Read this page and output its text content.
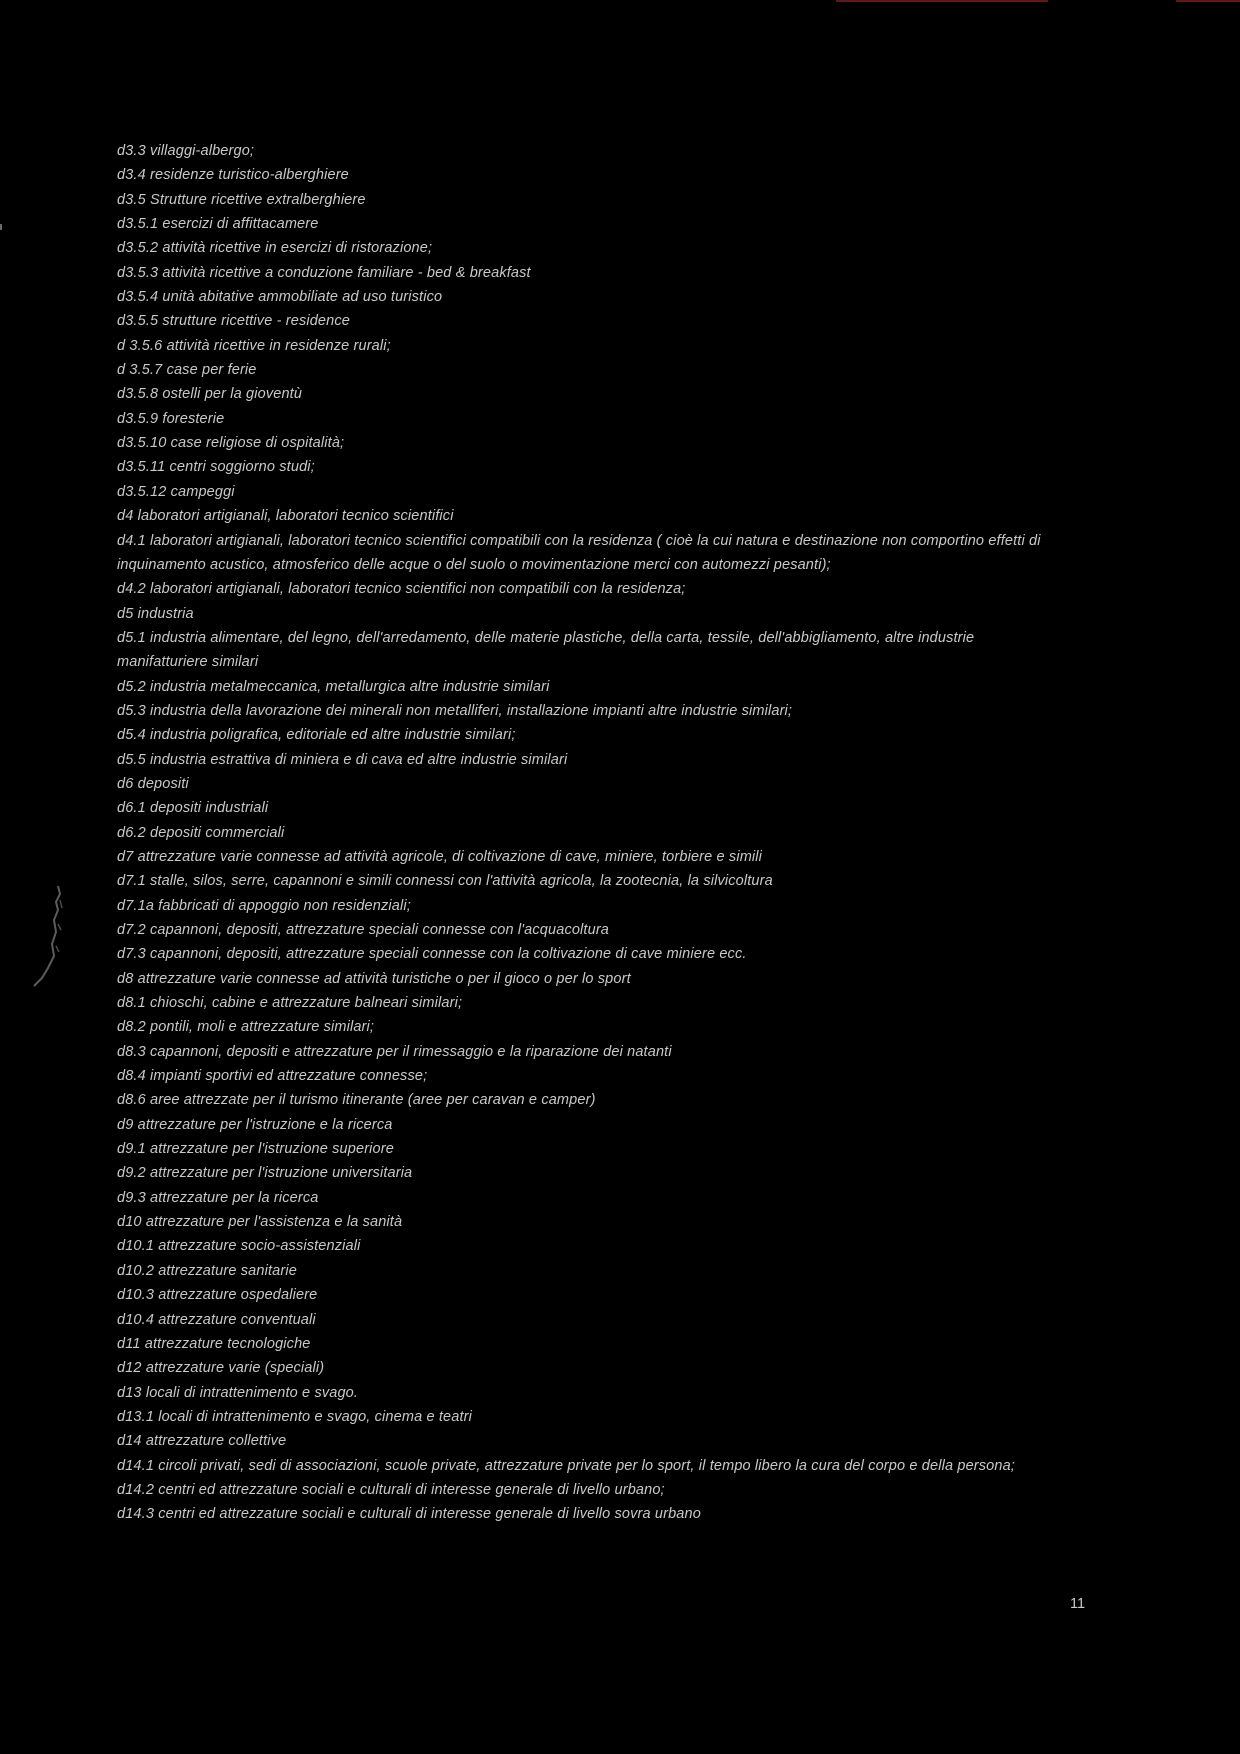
d3.3 villaggi-albergo;
d3.4 residenze turistico-alberghiere
d3.5 Strutture ricettive extralberghiere
d3.5.1 esercizi di affittacamere
d3.5.2 attività ricettive in esercizi di ristorazione;
d3.5.3 attività ricettive a conduzione familiare - bed & breakfast
d3.5.4 unità abitative ammobiliate ad uso turistico
d3.5.5 strutture ricettive - residence
d 3.5.6 attività ricettive in residenze rurali;
d 3.5.7 case per ferie
d3.5.8 ostelli per la gioventù
d3.5.9 foresterie
d3.5.10 case religiose di ospitalità;
d3.5.11 centri soggiorno studi;
d3.5.12 campeggi
d4 laboratori artigianali, laboratori tecnico scientifici
d4.1 laboratori artigianali, laboratori tecnico scientifici compatibili con la residenza ( cioè la cui natura e destinazione non comportino effetti di inquinamento acustico, atmosferico delle acque o del suolo o movimentazione merci con automezzi pesanti);
d4.2 laboratori artigianali, laboratori tecnico scientifici non compatibili con la residenza;
d5 industria
d5.1 industria alimentare, del legno, dell'arredamento, delle materie plastiche, della carta, tessile, dell'abbigliamento, altre industrie manifatturiere similari
d5.2 industria metalmeccanica, metallurgica altre industrie similari
d5.3 industria della lavorazione dei minerali non metalliferi, installazione impianti altre industrie similari;
d5.4 industria poligrafica, editoriale ed altre industrie similari;
d5.5 industria estrattiva di miniera e di cava ed altre industrie similari
d6 depositi
d6.1 depositi industriali
d6.2 depositi commerciali
d7 attrezzature varie connesse ad attività agricole, di coltivazione di cave, miniere, torbiere e simili
d7.1 stalle, silos, serre, capannoni e simili connessi con l'attività agricola, la zootecnia, la silvicoltura
d7.1a fabbricati di appoggio non residenziali;
d7.2 capannoni, depositi, attrezzature speciali connesse con l'acquacoltura
d7.3 capannoni, depositi, attrezzature speciali connesse con la coltivazione di cave miniere ecc.
d8 attrezzature varie connesse ad attività turistiche o per il gioco o per lo sport
d8.1 chioschi, cabine e attrezzature balneari similari;
d8.2 pontili, moli e attrezzature similari;
d8.3 capannoni, depositi e attrezzature per il rimessaggio e la riparazione dei natanti
d8.4 impianti sportivi ed attrezzature connesse;
d8.6 aree attrezzate per il turismo itinerante (aree per caravan e camper)
d9 attrezzature per l'istruzione e la ricerca
d9.1 attrezzature per l'istruzione superiore
d9.2 attrezzature per l'istruzione universitaria
d9.3 attrezzature per la ricerca
d10 attrezzature per l'assistenza e la sanità
d10.1 attrezzature socio-assistenziali
d10.2 attrezzature sanitarie
d10.3 attrezzature ospedaliere
d10.4 attrezzature conventuali
d11 attrezzature tecnologiche
d12 attrezzature varie (speciali)
d13 locali di intrattenimento e svago.
d13.1 locali di intrattenimento e svago, cinema e teatri
d14 attrezzature collettive
d14.1 circoli privati, sedi di associazioni, scuole private, attrezzature private per lo sport, il tempo libero la cura del corpo e della persona;
d14.2 centri ed attrezzature sociali e culturali di interesse generale di livello urbano;
d14.3 centri ed attrezzature sociali e culturali di interesse generale di livello sovra urbano
11
